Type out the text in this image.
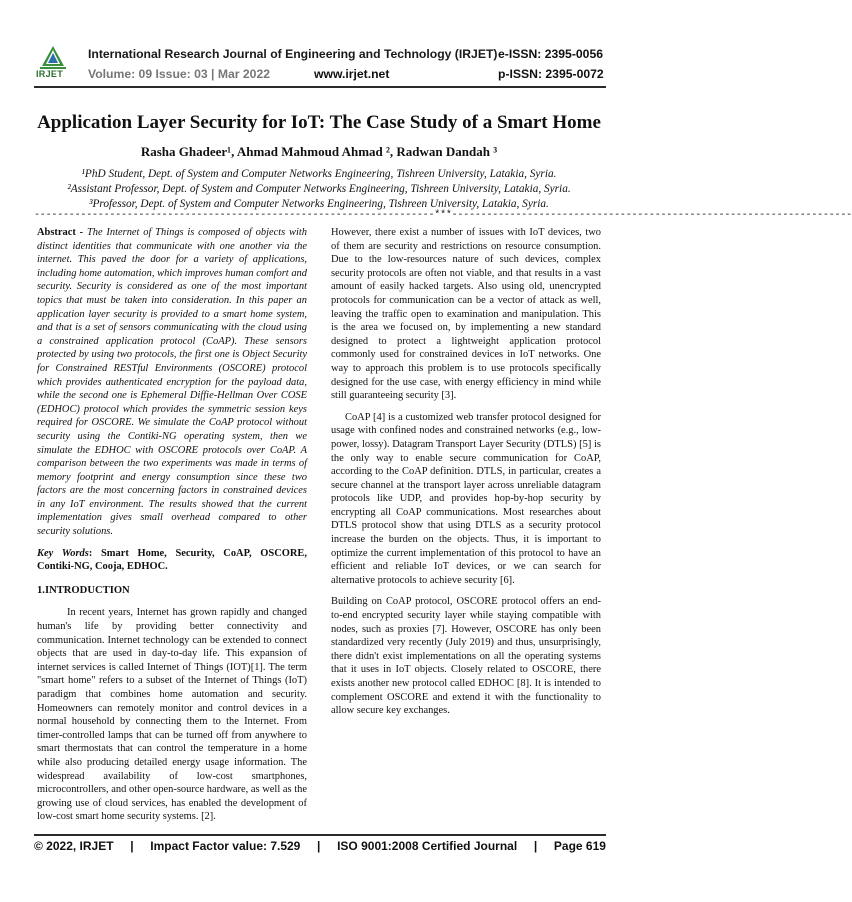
IRJET
International Research Journal of Engineering and Technology (IRJET) e-ISSN: 2395-0056
Volume: 09 Issue: 03 | Mar 2022	www.irjet.net	p-ISSN: 2395-0072
Application Layer Security for IoT: The Case Study of a Smart Home
Rasha Ghadeer¹, Ahmad Mahmoud Ahmad ², Radwan Dandah ³
¹PhD Student, Dept. of System and Computer Networks Engineering, Tishreen University, Latakia, Syria.
²Assistant Professor, Dept. of System and Computer Networks Engineering, Tishreen University, Latakia, Syria.
³Professor, Dept. of System and Computer Networks Engineering, Tishreen University, Latakia, Syria.
---------------------------------------------------------------------***---------------------------------------------------------------------

Abstract - The Internet of Things is composed of objects with distinct identities that communicate with one another via the internet. This paved the door for a variety of applications, including home automation, which improves human comfort and security. Security is considered as one of the most important topics that must be taken into consideration. In this paper an application layer security is provided to a smart home system, and that is a set of sensors communicating with the cloud using a constrained application protocol (CoAP). These sensors protected by using two protocols, the first one is Object Security for Constrained RESTful Environments (OSCORE) protocol which provides authenticated encryption for the payload data, while the second one is Ephemeral Diffie-Hellman Over COSE (EDHOC) protocol which provides the symmetric session keys required for OSCORE. We simulate the CoAP protocol without security using the Contiki-NG operating system, then we simulate the EDHOC with OSCORE protocols over CoAP. A comparison between the two experiments was made in terms of memory footprint and energy consumption since these two factors are the most concerning factors in constrained devices in any IoT environment. The results showed that the current implementation gives small overhead compared to other security solutions.

Key Words: Smart Home, Security, CoAP, OSCORE, Contiki-NG, Cooja, EDHOC.

1.INTRODUCTION

In recent years, Internet has grown rapidly and changed human's life by providing better connectivity and communication. Internet technology can be extended to connect objects that are used in day-to-day life. This expansion of internet services is called Internet of Things (IOT)[1]. The term "smart home" refers to a subset of the Internet of Things (IoT) paradigm that combines home automation and security. Homeowners can remotely monitor and control devices in a normal household by connecting them to the Internet. From timer-controlled lamps that can be turned off from anywhere to smart thermostats that can control the temperature in a home while also producing detailed energy usage information. The widespread availability of low-cost smartphones, microcontrollers, and other open-source hardware, as well as the growing use of cloud services, has enabled the development of low-cost smart home security systems. [2].

However, there exist a number of issues with IoT devices, two of them are security and restrictions on resource consumption. Due to the low-resources nature of such devices, complex security protocols are often not viable, and that results in a vast amount of easily hacked targets. Also using old, unencrypted protocols for communication can be a vector of attack as well, leaving the traffic open to examination and manipulation. This is the area we focused on, by implementing a new standard designed to protect a lightweight application protocol commonly used for constrained devices in IoT networks. One way to approach this problem is to use protocols specifically designed for the use case, with energy efficiency in mind while still guaranteeing security [3].

CoAP [4] is a customized web transfer protocol designed for usage with confined nodes and constrained networks (e.g., low-power, lossy). Datagram Transport Layer Security (DTLS) [5] is the only way to enable secure communication for CoAP, according to the CoAP definition. DTLS, in particular, creates a secure channel at the transport layer across unreliable datagram protocols like UDP, and provides hop-by-hop security by encrypting all CoAP communications. Most researches about DTLS protocol show that using DTLS as a security protocol increase the burden on the objects. Thus, it is important to optimize the current implementation of this protocol to have an efficient and reliable IoT devices, or we can search for alternative protocols to achieve security [6].

Building on CoAP protocol, OSCORE protocol offers an end-to-end encrypted security layer while staying compatible with nodes, such as proxies [7]. However, OSCORE has only been standardized very recently (July 2019) and thus, unsurprisingly, there didn't exist implementations on all the operating systems that it uses in IoT objects. Closely related to OSCORE, there exists another new protocol called EDHOC [8]. It is intended to complement OSCORE and extend it with the functionality to allow secure key exchanges.

© 2022, IRJET | Impact Factor value: 7.529 | ISO 9001:2008 Certified Journal | Page 619
